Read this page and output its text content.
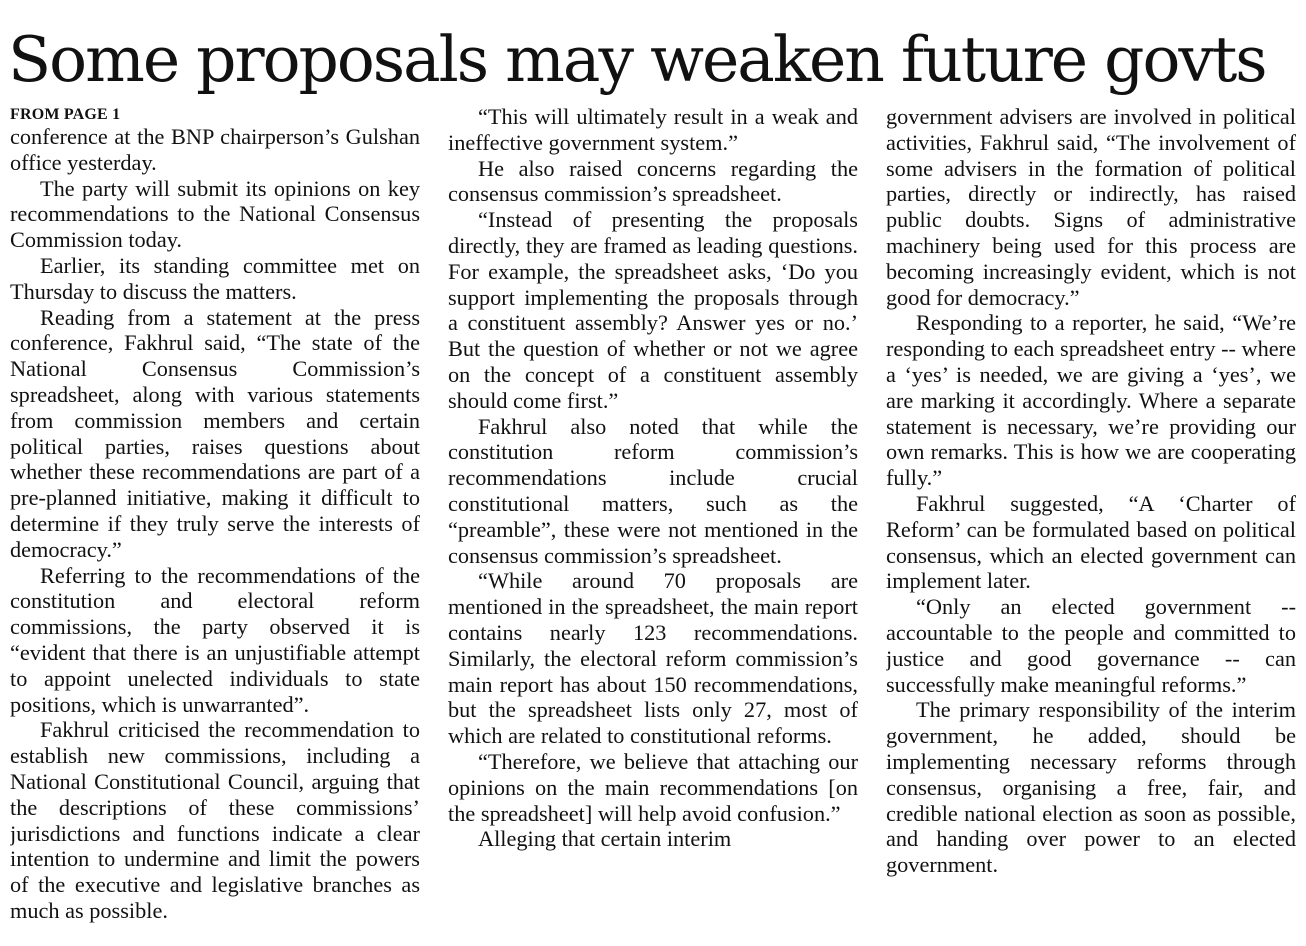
Some proposals may weaken future govts
FROM PAGE 1

conference at the BNP chairperson’s Gulshan office yesterday.

The party will submit its opinions on key recommendations to the National Consensus Commission today.

Earlier, its standing committee met on Thursday to discuss the matters.

Reading from a statement at the press conference, Fakhrul said, “The state of the National Consensus Commission’s spreadsheet, along with various statements from commission members and certain political parties, raises questions about whether these recommendations are part of a pre-planned initiative, making it difficult to determine if they truly serve the interests of democracy.”

Referring to the recommendations of the constitution and electoral reform commissions, the party observed it is “evident that there is an unjustifiable attempt to appoint unelected individuals to state positions, which is unwarranted”.

Fakhrul criticised the recommendation to establish new commissions, including a National Constitutional Council, arguing that the descriptions of these commissions’ jurisdictions and functions indicate a clear intention to undermine and limit the powers of the executive and legislative branches as much as possible.

“This will ultimately result in a weak and ineffective government system.”

He also raised concerns regarding the consensus commission’s spreadsheet.

“Instead of presenting the proposals directly, they are framed as leading questions. For example, the spreadsheet asks, ‘Do you support implementing the proposals through a constituent assembly? Answer yes or no.’ But the question of whether or not we agree on the concept of a constituent assembly should come first.”

Fakhrul also noted that while the constitution reform commission’s recommendations include crucial constitutional matters, such as the “preamble”, these were not mentioned in the consensus commission’s spreadsheet.

“While around 70 proposals are mentioned in the spreadsheet, the main report contains nearly 123 recommendations. Similarly, the electoral reform commission’s main report has about 150 recommendations, but the spreadsheet lists only 27, most of which are related to constitutional reforms.

“Therefore, we believe that attaching our opinions on the main recommendations [on the spreadsheet] will help avoid confusion.”

Alleging that certain interim

government advisers are involved in political activities, Fakhrul said, “The involvement of some advisers in the formation of political parties, directly or indirectly, has raised public doubts. Signs of administrative machinery being used for this process are becoming increasingly evident, which is not good for democracy.”

Responding to a reporter, he said, “We’re responding to each spreadsheet entry -- where a ‘yes’ is needed, we are giving a ‘yes’, we are marking it accordingly. Where a separate statement is necessary, we’re providing our own remarks. This is how we are cooperating fully.”

Fakhrul suggested, “A ‘Charter of Reform’ can be formulated based on political consensus, which an elected government can implement later.

“Only an elected government -- accountable to the people and committed to justice and good governance -- can successfully make meaningful reforms.”

The primary responsibility of the interim government, he added, should be implementing necessary reforms through consensus, organising a free, fair, and credible national election as soon as possible, and handing over power to an elected government.
